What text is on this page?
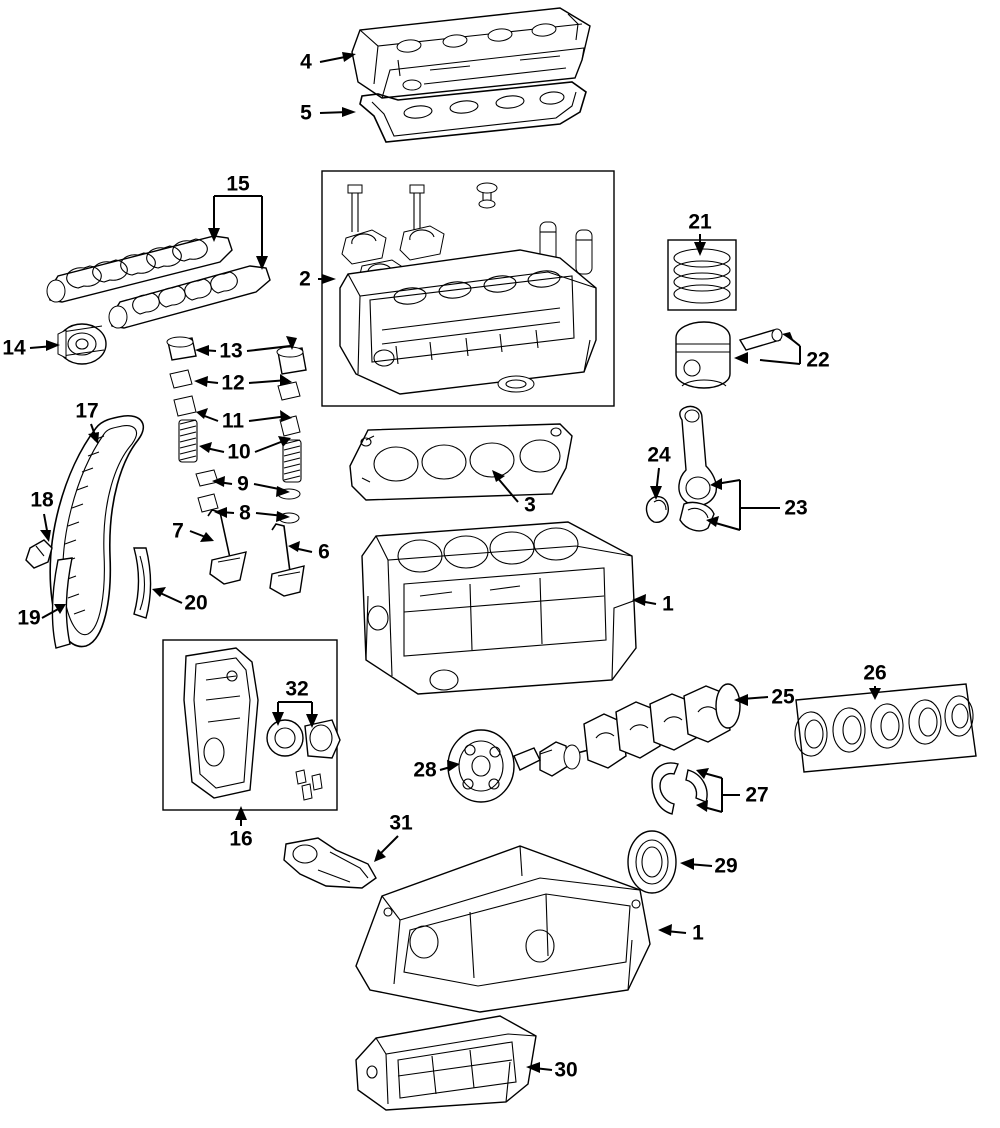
4
5
15
2
21
22
14	13
12
11
17
10
9
8
7
6
3
18
19
20
24
23
1
26
25
32
28
27
16
31
29
1
30
